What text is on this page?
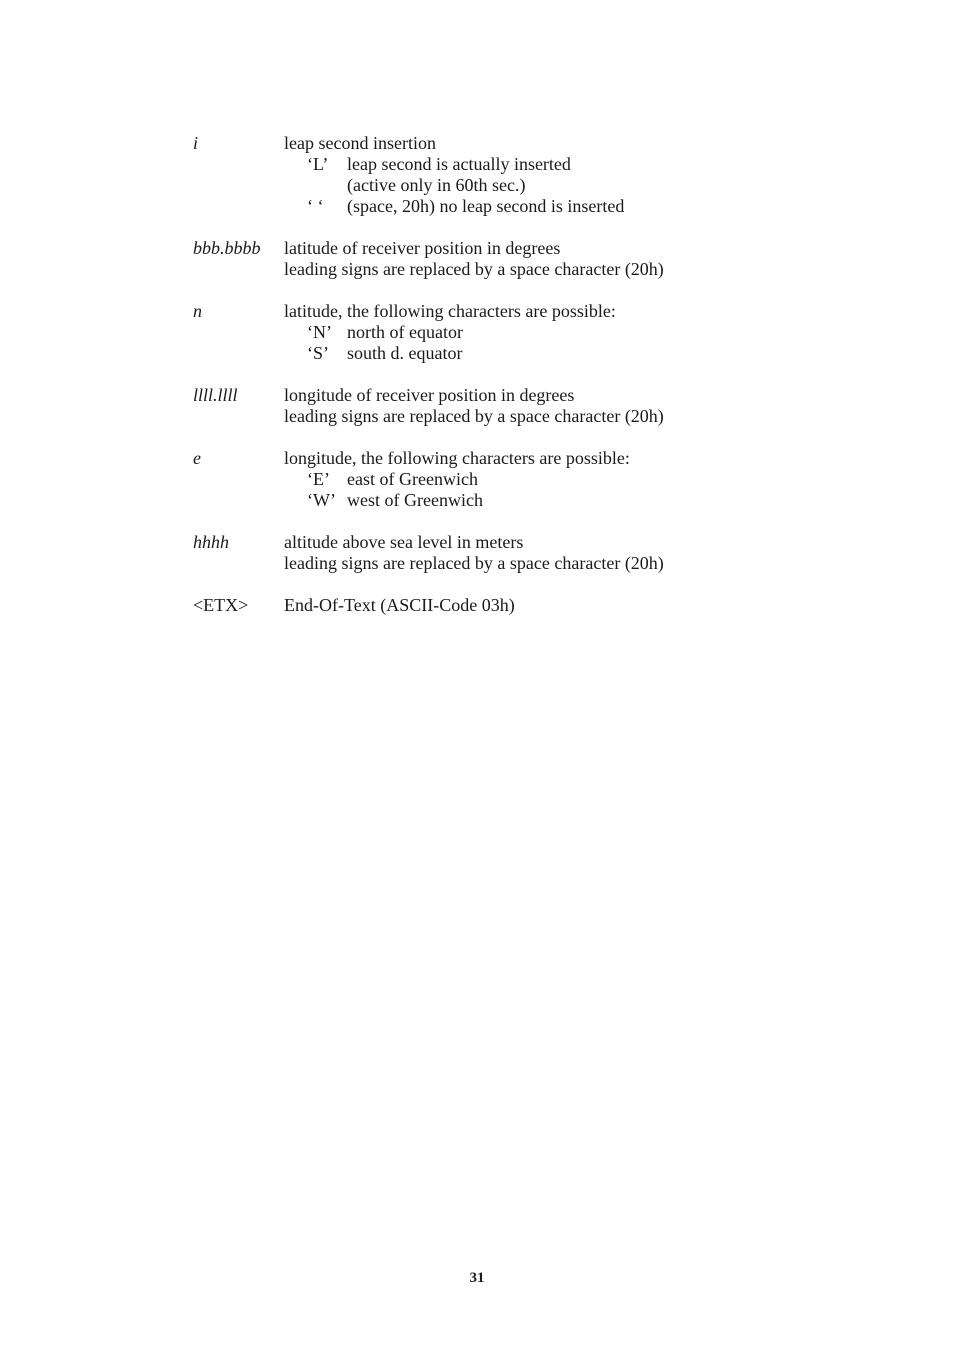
i	leap second insertion
‘L’	leap second is actually inserted
(active only in 60th sec.)
‘ ‘	(space, 20h) no leap second is inserted
bbb.bbbb	latitude of receiver position in degrees
leading signs are replaced by a space character (20h)
n	latitude, the following characters are possible:
‘N’ north of equator
‘S’	south d. equator
llll.llll	longitude of receiver position in degrees
leading signs are replaced by a space character (20h)
e	longitude, the following characters are possible:
‘E’ east of Greenwich
‘W’ west of Greenwich
hhhh	altitude above sea level in meters
leading signs are replaced by a space character (20h)
<ETX>	End-Of-Text (ASCII-Code 03h)
31
